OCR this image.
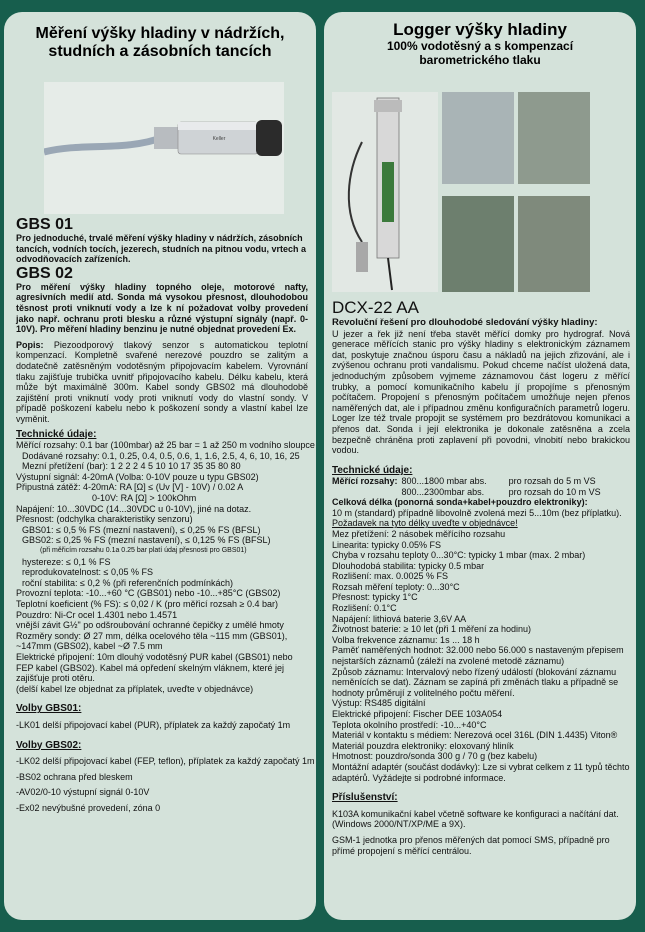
Měření výšky hladiny v nádržích,
studních a zásobních tancích
Keller
GBS 01

Pro jednoduché, trvalé měření výšky hladiny v nádržích, zásobních tancích, vodních tocích, jezerech, studních na pitnou vodu, vrtech a odvodňovacích zařízeních.

GBS 02

Pro měření výšky hladiny topného oleje, motorové nafty, agresivních medií atd. Sonda má vysokou přesnost, dlouhodobou těsnost proti vniknutí vody a lze k ní požadovat volby provedení jako např. ochranu proti blesku a různé výstupní signály (např. 0-10V). Pro měření hladiny benzinu je nutné objednat provedení Ex.

Popis: Piezoodporový tlakový senzor s automatickou teplotní kompenzací. Kompletně svařené nerezové pouzdro se zalitým a dodatečně zatěsněným vodotěsným připojovacím kabelem. Vyrovnání tlaku zajišťuje trubička uvnitř připojovacího kabelu. Délku kabelu, která může být maximálně 300m. Kabel sondy GBS02 má dlouhodobě zajištění proti vniknutí vody proti vniknutí vody do vlastní sondy. V případě poškození kabelu nebo k poškození sondy a vlastní kabel lze vyměnit.

Technické údaje:

Měřící rozsahy: 0.1 bar (100mbar) až 25 bar = 1 až 250 m vodního sloupce

Dodávané rozsahy: 0.1, 0.25, 0.4, 0.5, 0.6, 1, 1.6, 2.5, 4, 6, 10, 16, 25

Mezní přetížení (bar): 1 2 2 2 4 5 10 10 17 35 35 80 80

Výstupní signál: 4-20mA (Volba: 0-10V pouze u typu GBS02)

Připustná zátěž: 4-20mA: RA [Ω] ≤ (Uv [V] - 10V) / 0.02 A

0-10V: RA [Ω] > 100kOhm

Napájení: 10...30VDC (14...30VDC u 0-10V), jiné na dotaz.

Přesnost: (odchylka charakteristiky senzoru)

GBS01: ≤ 0,5 % FS (mezní nastavení), ≤ 0,25 % FS (BFSL)

GBS02: ≤ 0,25 % FS (mezní nastavení), ≤ 0,125 % FS (BFSL)

(při měřicím rozsahu 0.1a 0.25 bar platí údaj přesnosti pro GBS01)

hystereze: ≤ 0,1 % FS

reprodukovatelnost: ≤ 0,05 % FS

roční stabilita: ≤ 0,2 % (při referenčních podmínkách)

Provozní teplota: -10...+60 °C (GBS01) nebo -10...+85°C (GBS02)

Teplotní koeficient (% FS): ≤ 0,02 / K (pro měřicí rozsah ≥ 0.4 bar)

Pouzdro: Ni-Cr ocel 1.4301 nebo 1.4571

vnější závit G½" po odšroubování ochranné čepičky z umělé hmoty

Rozměry sondy: Ø 27 mm, délka ocelového těla ~115 mm (GBS01), ~147mm (GBS02), kabel ~Ø 7.5 mm

Elektrické připojení: 10m dlouhý vodotěsný PUR kabel (GBS01) nebo FEP kabel (GBS02). Kabel má opředení skelným vláknem, které jej zajišťuje proti otěru.

(delší kabel lze objednat za příplatek, uveďte v objednávce)

Volby GBS01:

-LK01 delší připojovací kabel (PUR), příplatek za každý započatý 1m

Volby GBS02:

-LK02 delší připojovací kabel (FEP, teflon), příplatek za každý započatý 1m

-BS02 ochrana před bleskem

-AV02/0-10 výstupní signál 0-10V

-Ex02 nevýbušné provedení, zóna 0

Logger výšky hladiny
100% vodotěsný a s kompenzací
barometrického tlaku
DCX-22 AA

Revoluční řešení pro dlouhodobé sledování výšky hladiny:

U jezer a řek již není třeba stavět měřící domky pro hydrograf. Nová generace měřících stanic pro výšky hladiny s elektronickým záznamem dat, poskytuje značnou úsporu času a nákladů na jejich zřizování, ale i zvýšenou ochranu proti vandalismu. Pokud chceme načíst uložená data, jednoduchým způsobem vyjmeme záznamovou část logeru z měřící trubky, a pomocí komunikačního kabelu jí propojíme s přenosným počítačem. Propojení s přenosným počítačem umožňuje nejen přenos naměřených dat, ale i případnou změnu konfiguračních parametrů logeru. Loger lze též trvale propojit se systémem pro bezdrátovou komunikaci a přenos dat. Sonda i její elektronika je dokonale zatěsněna a zcela bezpečně chráněna proti zaplavení při povodni, vlnobití nebo brakickou vodou.

Technické údaje:
Měřící rozsahy:	800...1800 mbar abs.	pro rozsah do 5 m VS
	800...2300mbar abs.	pro rozsah do 10 m VS

Celková délka (ponorná sonda+kabel+pouzdro elektroniky):

10 m (standard) případně libovolně zvolená mezi 5...10m (bez příplatku).

Požadavek na tyto délky uveďte v objednávce!

Mez přetížení: 2 násobek měřícího rozsahu

Linearita: typicky 0.05% FS

Chyba v rozsahu teploty 0...30°C: typicky 1 mbar (max. 2 mbar)

Dlouhodobá stabilita: typicky 0.5 mbar

Rozlišení: max. 0.0025 % FS

Rozsah měření teploty: 0...30°C

Přesnost: typicky 1°C

Rozlišení: 0.1°C

Napájení: lithiová baterie 3,6V AA

Životnost baterie: ≥ 10 let (při 1 měření za hodinu)

Volba frekvence záznamu: 1s ... 18 h

Paměť naměřených hodnot: 32.000 nebo 56.000 s nastaveným přepisem nejstarších záznamů (záleží na zvolené metodě záznamu)

Způsob záznamu: Intervalový nebo řízený událostí (blokování záznamu neměnících se dat). Záznam se zapíná při změnách tlaku a případně se hodnoty průměrují z volitelného počtu měření.

Výstup: RS485 digitální

Elektrické připojení: Fischer DEE 103A054

Teplota okolního prostředí: -10...+40°C

Materiál v kontaktu s médiem: Nerezová ocel 316L (DIN 1.4435) Viton®

Materiál pouzdra elektroniky: eloxovaný hliník

Hmotnost: pouzdro/sonda 300 g / 70 g (bez kabelu)

Montážní adaptér (součást dodávky): Lze si vybrat celkem z 11 typů těchto adaptérů. Vyžádejte si podrobné informace.

Příslušenství:

K103A komunikační kabel včetně software ke konfiguraci a načítání dat. (Windows 2000/NT/XP/ME a 9X).

GSM-1 jednotka pro přenos měřených dat pomocí SMS, případně pro přímé propojení s měřící centrálou.
